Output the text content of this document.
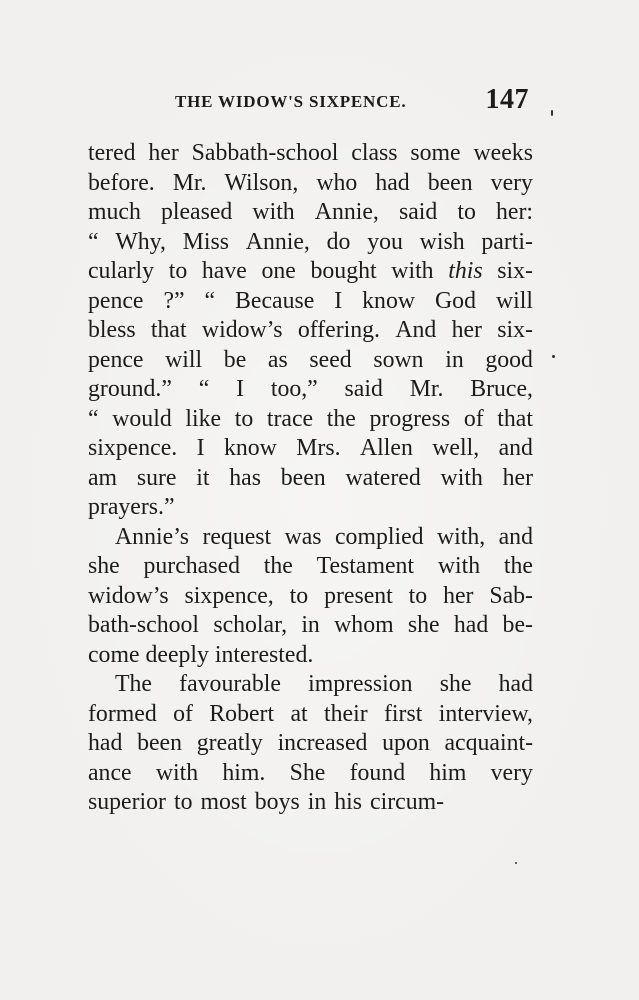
THE WIDOW'S SIXPENCE.	147
tered her Sabbath-school class some weeks
before. Mr. Wilson, who had been very
much pleased with Annie, said to her:
“ Why, Miss Annie, do you wish parti-
cularly to have one bought with this six-
pence ?” “ Because I know God will
bless that widow’s offering. And her six-
pence will be as seed sown in good
ground.” “ I too,” said Mr. Bruce,
“ would like to trace the progress of that
sixpence. I know Mrs. Allen well, and
am sure it has been watered with her
prayers.”
Annie’s request was complied with, and
she purchased the Testament with the
widow’s sixpence, to present to her Sab-
bath-school scholar, in whom she had be-
come deeply interested.
The favourable impression she had
formed of Robert at their first interview,
had been greatly increased upon acquaint-
ance with him. She found him very
superior to most boys in his circum-
